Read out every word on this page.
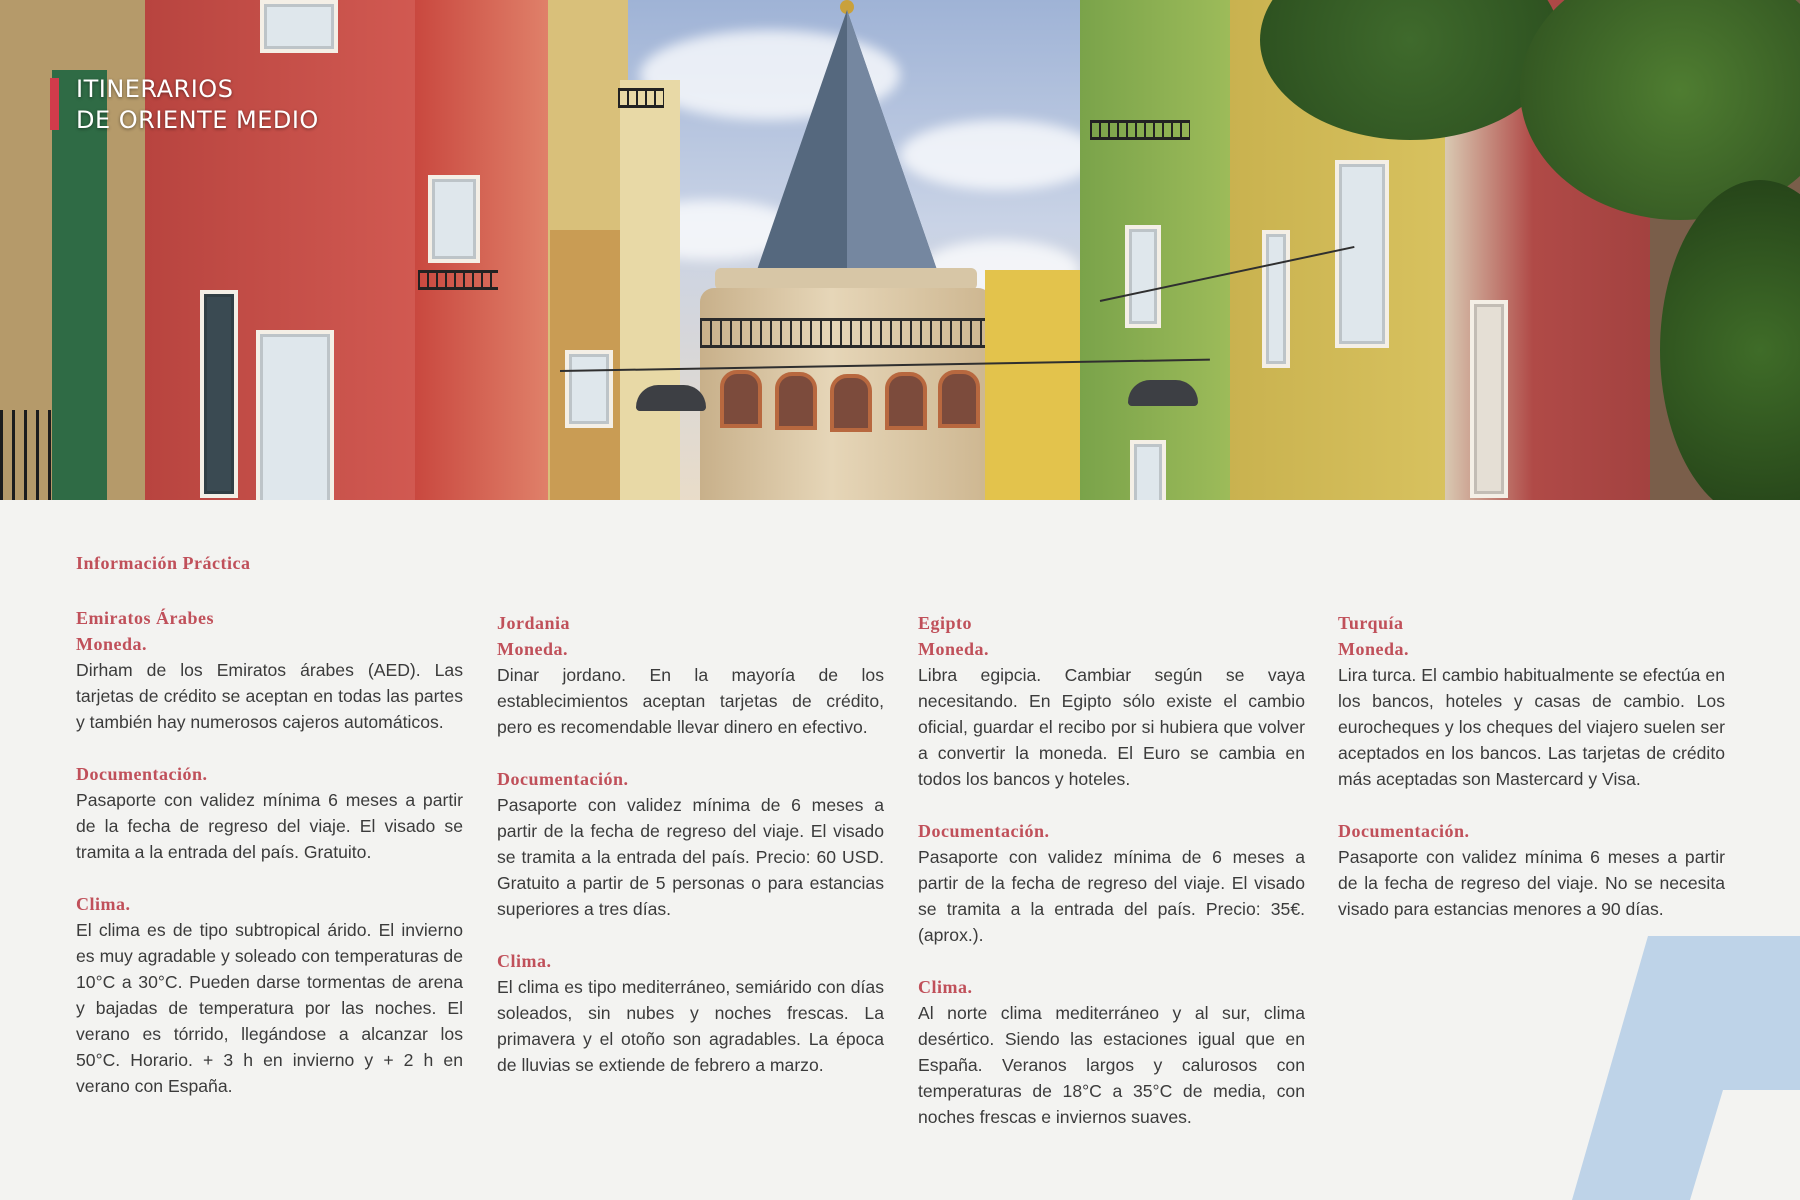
ITINERARIOS
DE ORIENTE MEDIO
Información Práctica
Emiratos Árabes
Moneda.

Dirham de los Emiratos árabes (AED). Las tarjetas de crédito se aceptan en todas las partes y también hay numerosos cajeros automáticos.

Documentación.

Pasaporte con validez mínima 6 meses a partir de la fecha de regreso del viaje. El visado se tramita a la entrada del país. Gratuito.

Clima.

El clima es de tipo subtropical árido. El invierno es muy agradable y soleado con temperaturas de 10°C a 30°C. Pueden darse tormentas de arena y bajadas de temperatura por las noches. El verano es tórrido, llegándose a alcanzar los 50°C. Horario. + 3 h en invierno y + 2 h en verano con España.

Jordania
Moneda.

Dinar jordano. En la mayoría de los establecimientos aceptan tarjetas de crédito, pero es recomendable llevar dinero en efectivo.

Documentación.

Pasaporte con validez mínima de 6 meses a partir de la fecha de regreso del viaje. El visado se tramita a la entrada del país. Precio: 60 USD. Gratuito a partir de 5 personas o para estancias superiores a tres días.

Clima.

El clima es tipo mediterráneo, semiárido con días soleados, sin nubes y noches frescas. La primavera y el otoño son agradables. La época de lluvias se extiende de febrero a marzo.

Egipto
Moneda.

Libra egipcia. Cambiar según se vaya necesitando. En Egipto sólo existe el cambio oficial, guardar el recibo por si hubiera que volver a convertir la moneda. El Euro se cambia en todos los bancos y hoteles.

Documentación.

Pasaporte con validez mínima de 6 meses a partir de la fecha de regreso del viaje. El visado se tramita a la entrada del país. Precio: 35€. (aprox.).

Clima.

Al norte clima mediterráneo y al sur, clima desértico. Siendo las estaciones igual que en España. Veranos largos y calurosos con temperaturas de 18°C a 35°C de media, con noches frescas e inviernos suaves.

Turquía
Moneda.

Lira turca. El cambio habitualmente se efectúa en los bancos, hoteles y casas de cambio. Los eurocheques y los cheques del viajero suelen ser aceptados en los bancos. Las tarjetas de crédito más aceptadas son Mastercard y Visa.

Documentación.

Pasaporte con validez mínima 6 meses a partir de la fecha de regreso del viaje. No se necesita visado para estancias menores a 90 días.
